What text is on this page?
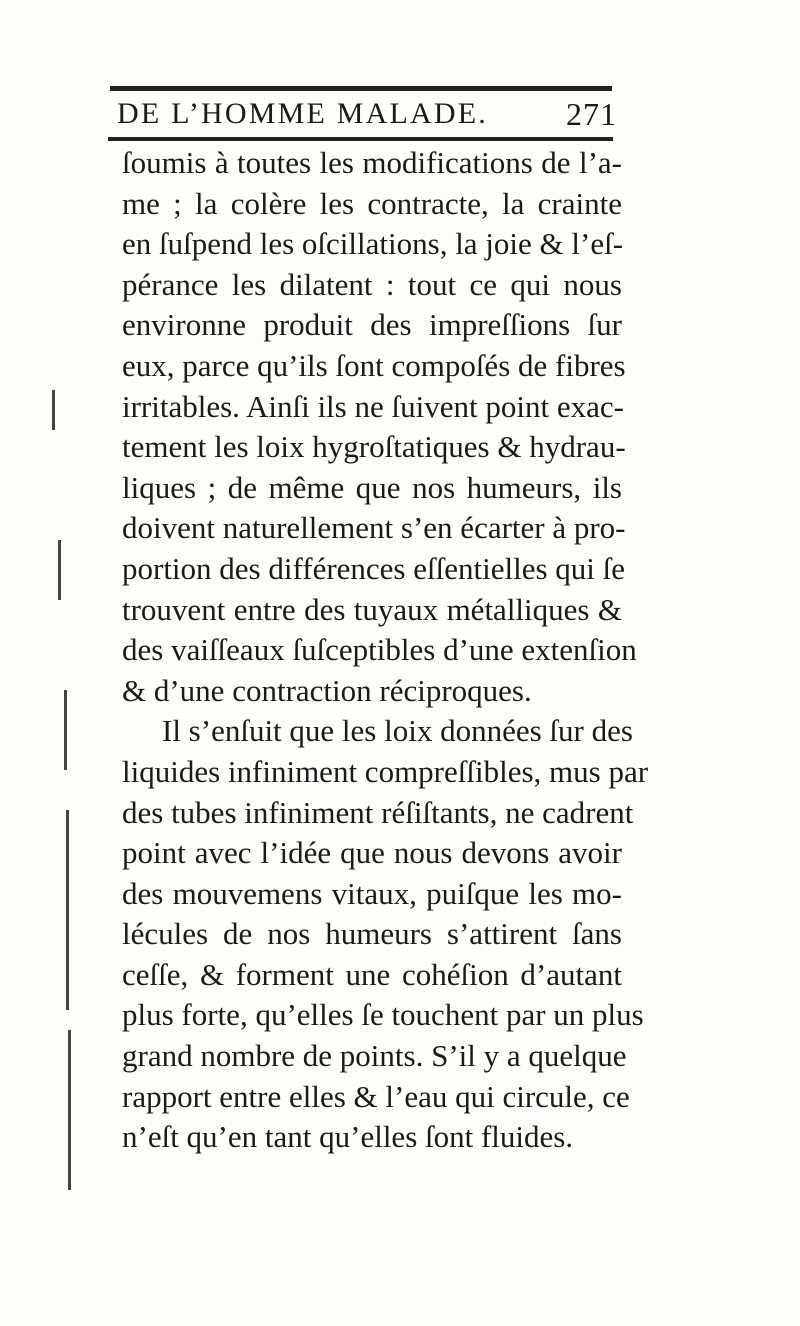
DE L’HOMME MALADE. 271
ſoumis à toutes les modifications de l’a-
me ; la colère les contracte, la crainte
en ſuſpend les oſcillations, la joie & l’eſ-
pérance les dilatent : tout ce qui nous
environne produit des impreſſions ſur
eux, parce qu’ils ſont compoſés de fibres
irritables. Ainſi ils ne ſuivent point exac-
tement les loix hygroſtatiques & hydrau-
liques ; de même que nos humeurs, ils
doivent naturellement s’en écarter à pro-
portion des différences eſſentielles qui ſe
trouvent entre des tuyaux métalliques &
des vaiſſeaux ſuſceptibles d’une extenſion
& d’une contraction réciproques.
Il s’enſuit que les loix données ſur des
liquides infiniment compreſſibles, mus par
des tubes infiniment réſiſtants, ne cadrent
point avec l’idée que nous devons avoir
des mouvemens vitaux, puiſque les mo-
lécules de nos humeurs s’attirent ſans
ceſſe, & forment une cohéſion d’autant
plus forte, qu’elles ſe touchent par un plus
grand nombre de points. S’il y a quelque
rapport entre elles & l’eau qui circule, ce
n’eſt qu’en tant qu’elles ſont fluides.
